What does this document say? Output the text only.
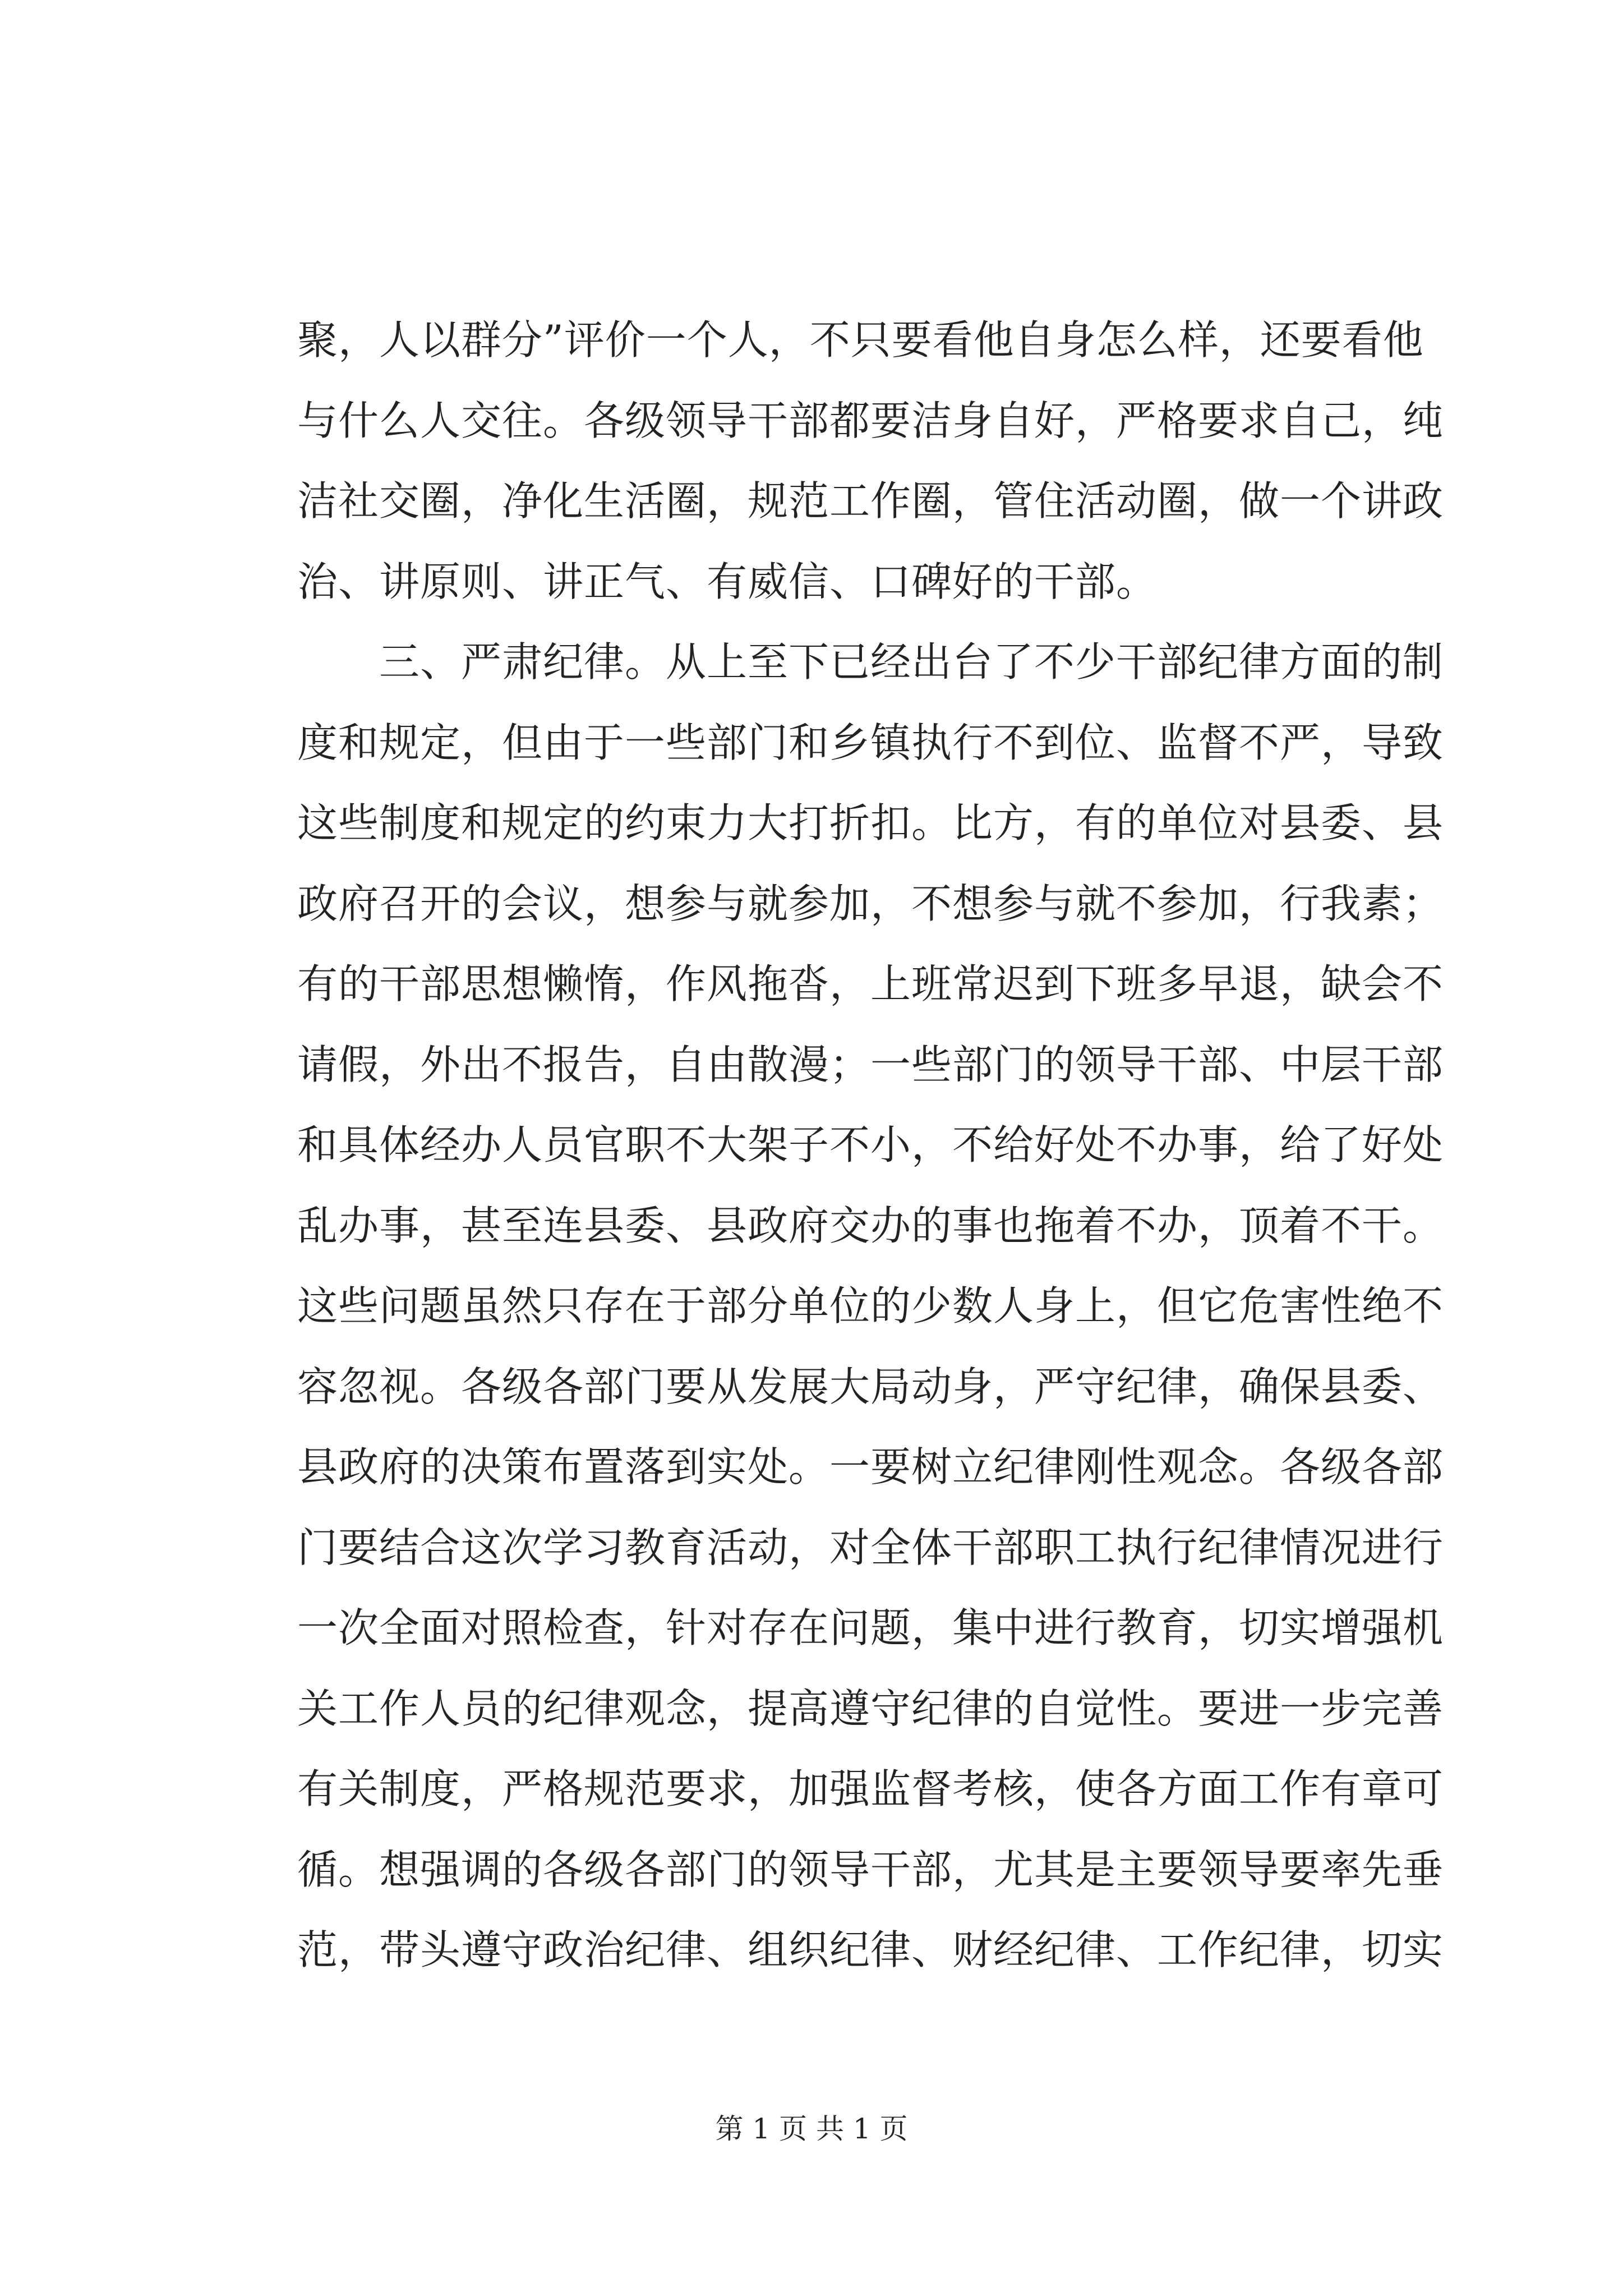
聚，人以群分”评价一个人，不只要看他自身怎么样，还要看他
与什么人交往。各级领导干部都要洁身自好，严格要求自己，纯
洁社交圈，净化生活圈，规范工作圈，管住活动圈，做一个讲政
治、讲原则、讲正气、有威信、口碑好的干部。
三、严肃纪律。从上至下已经出台了不少干部纪律方面的制
度和规定，但由于一些部门和乡镇执行不到位、监督不严，导致
这些制度和规定的约束力大打折扣。比方，有的单位对县委、县
政府召开的会议，想参与就参加，不想参与就不参加，行我素；
有的干部思想懒惰，作风拖沓，上班常迟到下班多早退，缺会不
请假，外出不报告，自由散漫；一些部门的领导干部、中层干部
和具体经办人员官职不大架子不小，不给好处不办事，给了好处
乱办事，甚至连县委、县政府交办的事也拖着不办，顶着不干。
这些问题虽然只存在于部分单位的少数人身上，但它危害性绝不
容忽视。各级各部门要从发展大局动身，严守纪律，确保县委、
县政府的决策布置落到实处。一要树立纪律刚性观念。各级各部
门要结合这次学习教育活动，对全体干部职工执行纪律情况进行
一次全面对照检查，针对存在问题，集中进行教育，切实增强机
关工作人员的纪律观念，提高遵守纪律的自觉性。要进一步完善
有关制度，严格规范要求，加强监督考核，使各方面工作有章可
循。想强调的各级各部门的领导干部，尤其是主要领导要率先垂
范，带头遵守政治纪律、组织纪律、财经纪律、工作纪律，切实
第 1 页 共 1 页
